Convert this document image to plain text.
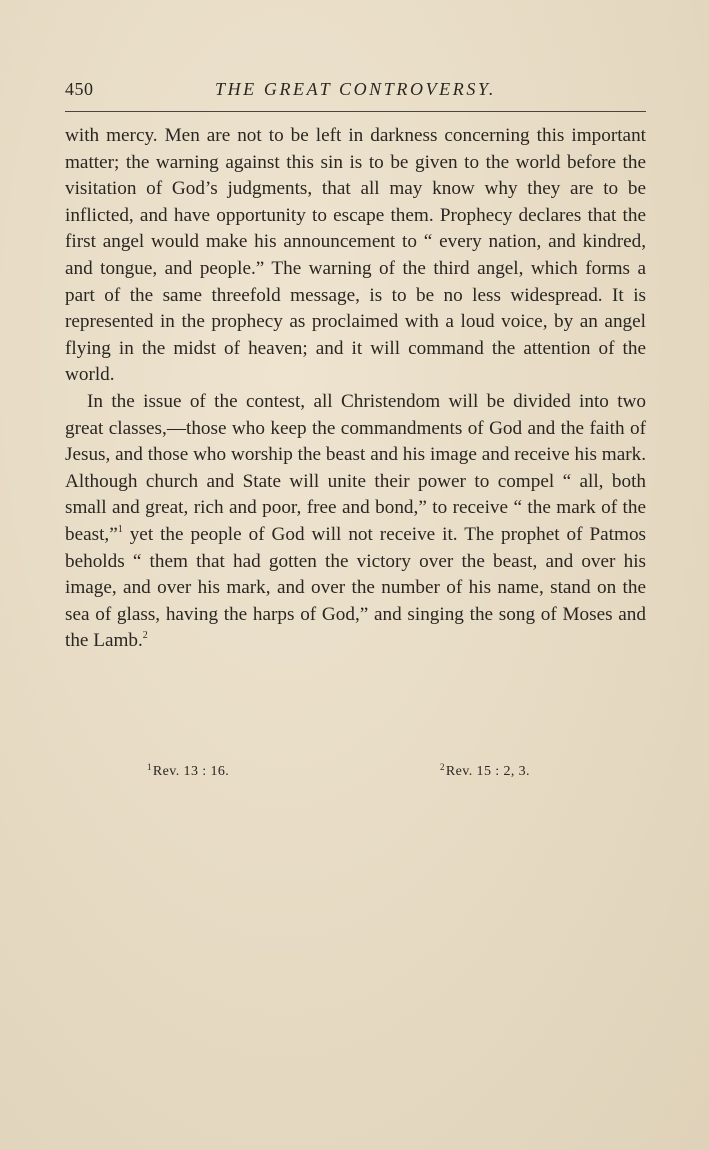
450	THE GREAT CONTROVERSY.

with mercy. Men are not to be left in darkness concerning this important matter; the warning against this sin is to be given to the world before the visitation of God’s judgments, that all may know why they are to be inflicted, and have opportunity to escape them. Prophecy declares that the first angel would make his announcement to “ every nation, and kindred, and tongue, and people.” The warning of the third angel, which forms a part of the same threefold message, is to be no less widespread. It is represented in the prophecy as proclaimed with a loud voice, by an angel flying in the midst of heaven; and it will command the attention of the world.

In the issue of the contest, all Christendom will be divided into two great classes,—those who keep the commandments of God and the faith of Jesus, and those who worship the beast and his image and receive his mark. Although church and State will unite their power to compel “ all, both small and great, rich and poor, free and bond,” to receive “ the mark of the beast,”$^1$ yet the people of God will not receive it. The prophet of Patmos beholds “ them that had gotten the victory over the beast, and over his image, and over his mark, and over the number of his name, stand on the sea of glass, having the harps of God,” and singing the song of Moses and the Lamb.$^2$

$^1$Rev. 13 : 16.	$^2$Rev. 15 : 2, 3.
